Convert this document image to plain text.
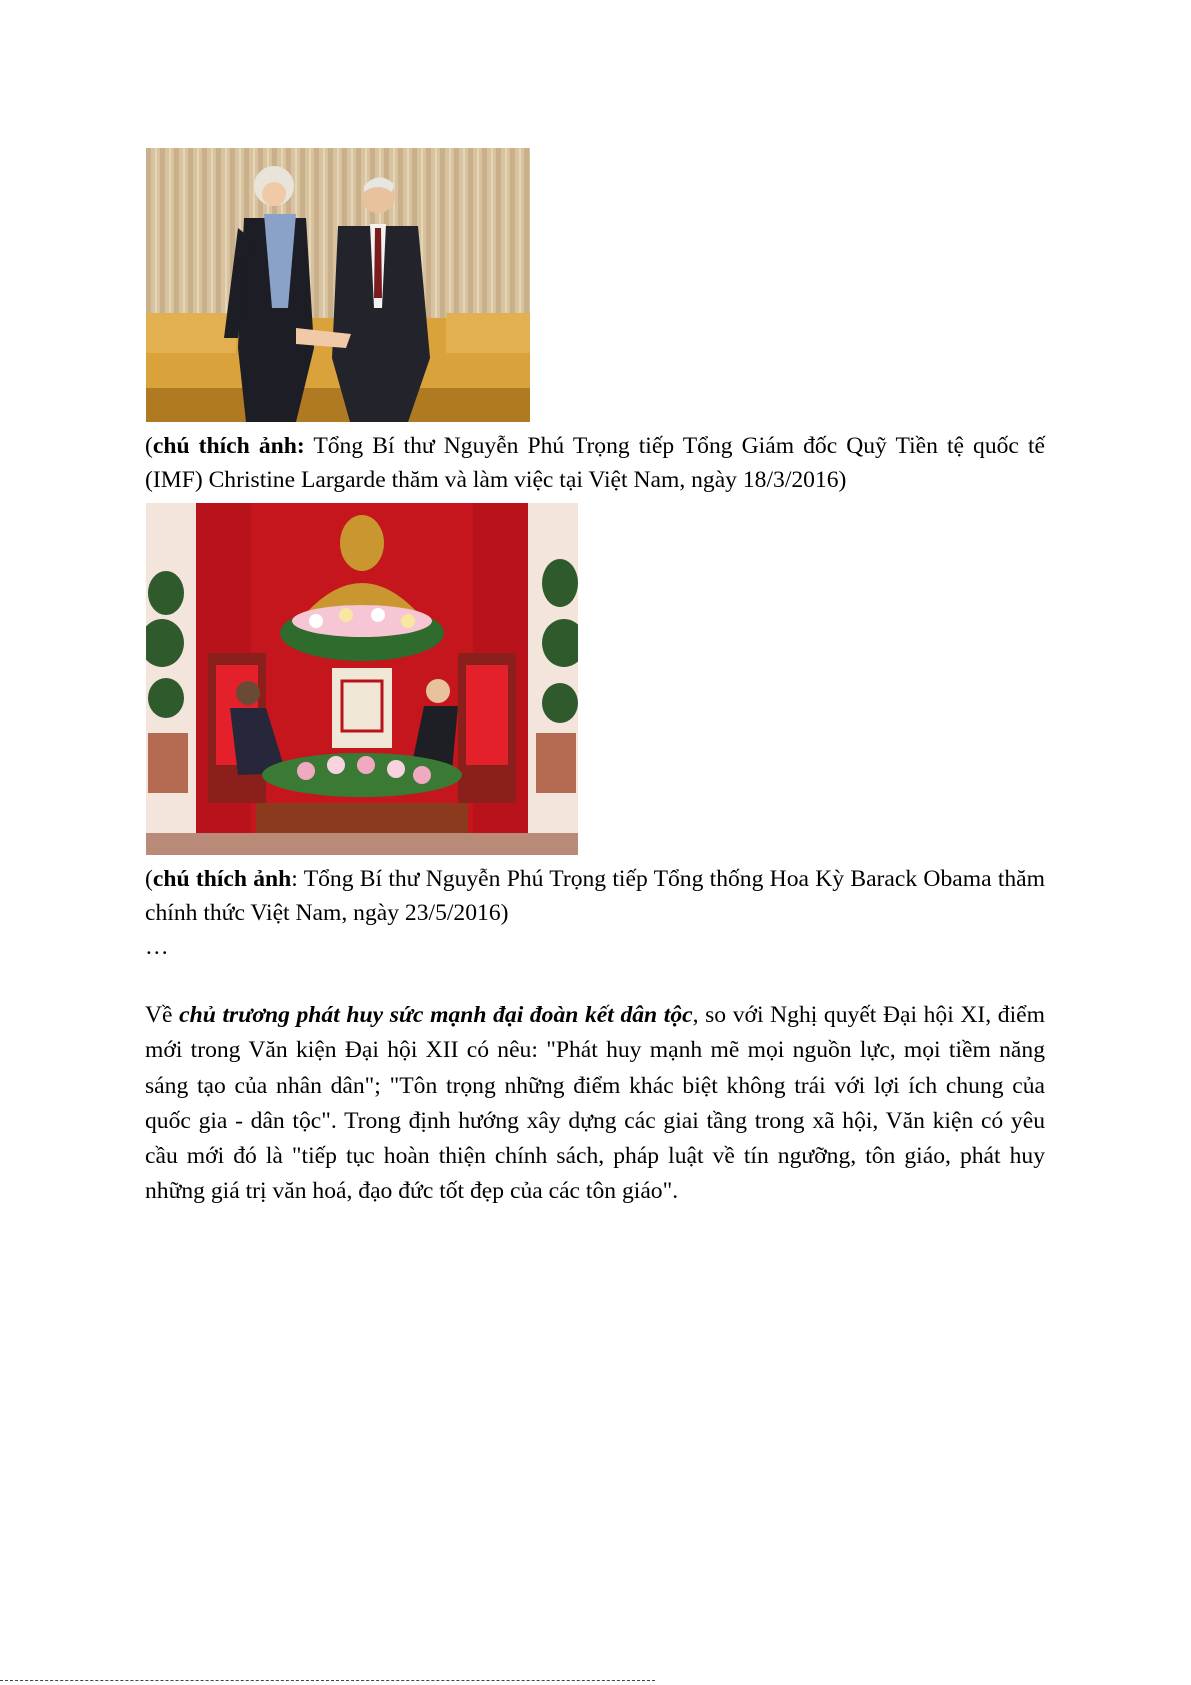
(chú thích ảnh: Tổng Bí thư Nguyễn Phú Trọng tiếp Tổng Giám đốc Quỹ Tiền tệ quốc tế (IMF) Christine Largarde thăm và làm việc tại Việt Nam, ngày 18/3/2016)
(chú thích ảnh: Tổng Bí thư Nguyễn Phú Trọng tiếp Tổng thống Hoa Kỳ Barack Obama thăm chính thức Việt Nam, ngày 23/5/2016)
…
Về chủ trương phát huy sức mạnh đại đoàn kết dân tộc, so với Nghị quyết Đại hội XI, điểm mới trong Văn kiện Đại hội XII có nêu: "Phát huy mạnh mẽ mọi nguồn lực, mọi tiềm năng sáng tạo của nhân dân"; "Tôn trọng những điểm khác biệt không trái với lợi ích chung của quốc gia - dân tộc". Trong định hướng xây dựng các giai tầng trong xã hội, Văn kiện có yêu cầu mới đó là "tiếp tục hoàn thiện chính sách, pháp luật về tín ngưỡng, tôn giáo, phát huy những giá trị văn hoá, đạo đức tốt đẹp của các tôn giáo".
